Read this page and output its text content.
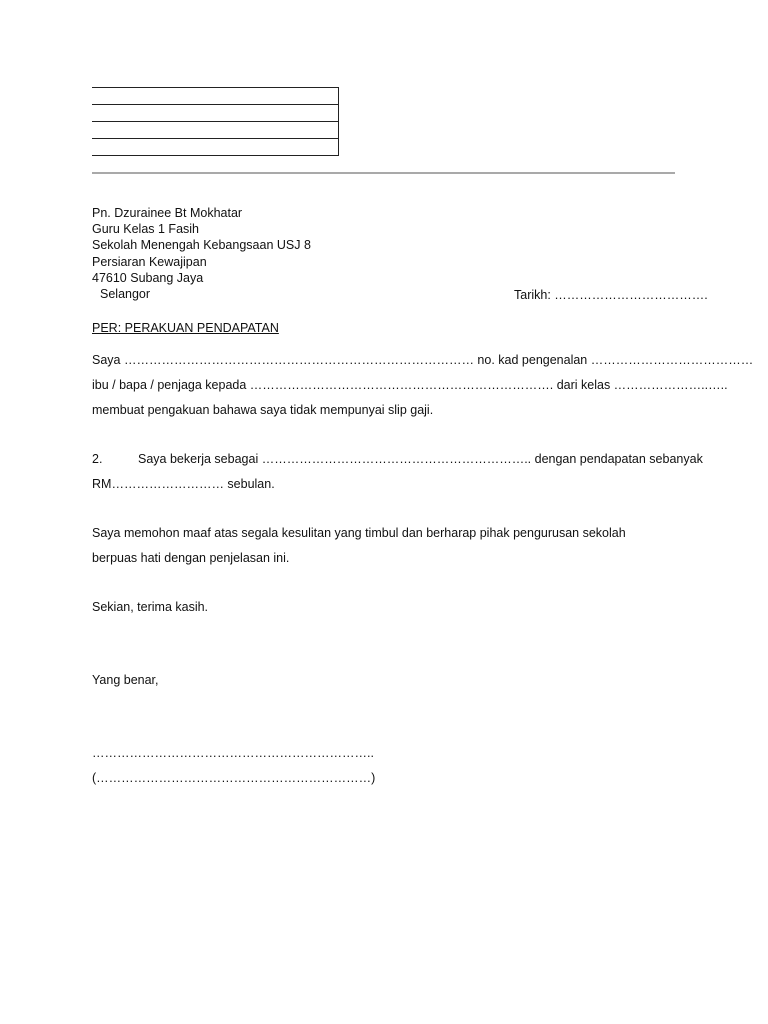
Pn. Dzurainee Bt Mokhatar
Guru Kelas 1 Fasih
Sekolah Menengah Kebangsaan USJ 8
Persiaran Kewajipan
47610 Subang Jaya
Selangor	Tarikh: ……………………………….
PER: PERAKUAN PENDAPATAN
Saya ………………………………………………………………………… no. kad pengenalan …………………………………
ibu / bapa / penjaga kepada ………………………………………………………………. dari kelas …………………..…..
membuat pengakuan bahawa saya tidak mempunyai slip gaji.
2.	Saya bekerja sebagai ……………………………………………………….. dengan pendapatan sebanyak
RM……………………… sebulan.
Saya memohon maaf atas segala kesulitan yang timbul dan berharap pihak pengurusan sekolah
berpuas hati dengan penjelasan ini.
Sekian, terima kasih.
Yang benar,
…………………………………………………………..
(…………………………………………………………)
